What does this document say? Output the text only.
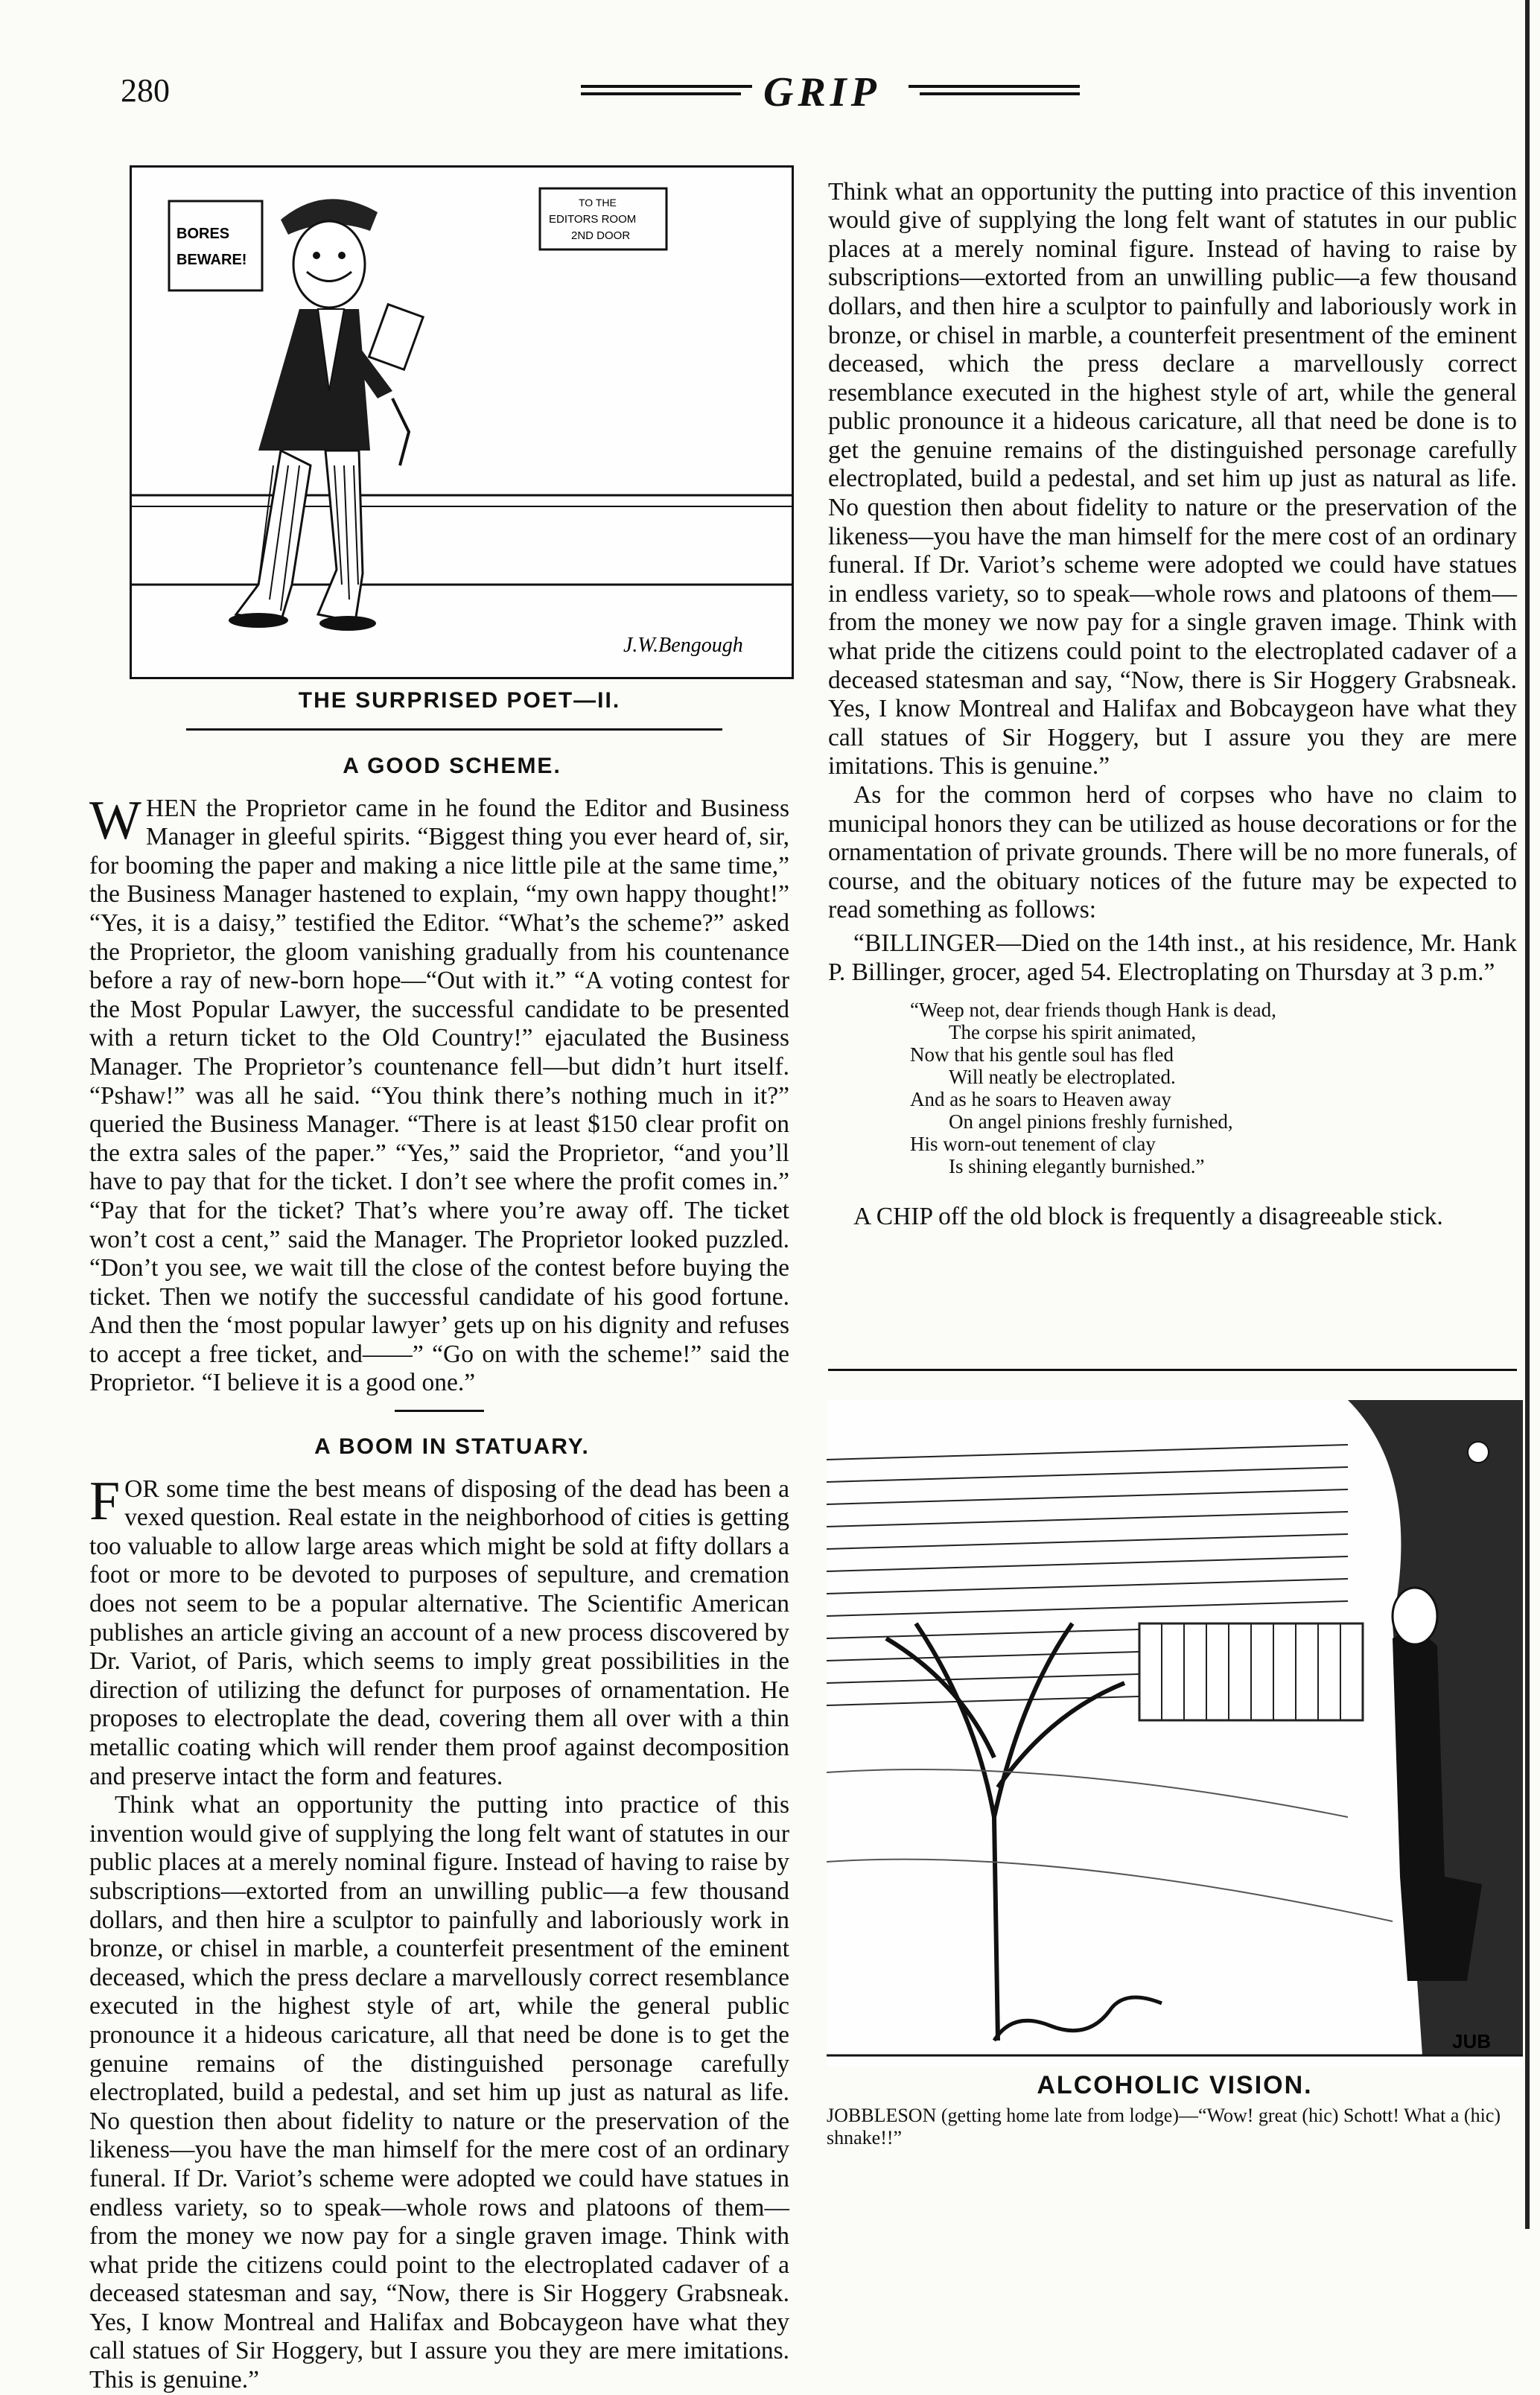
280	GRIP
BORES
BEWARE!
TO THE
EDITORS ROOM
2ND DOOR
J.W.Bengough

THE SURPRISED POET—II.

A GOOD SCHEME.

WHEN the Proprietor came in he found the Editor and Business Manager in gleeful spirits. “Biggest thing you ever heard of, sir, for booming the paper and making a nice little pile at the same time,” the Business Manager hastened to explain, “my own happy thought!” “Yes, it is a daisy,” testified the Editor. “What’s the scheme?” asked the Proprietor, the gloom vanishing gradually from his countenance before a ray of new-born hope—“Out with it.” “A voting contest for the Most Popular Lawyer, the successful candidate to be presented with a return ticket to the Old Country!” ejaculated the Business Manager. The Proprietor’s countenance fell—but didn’t hurt itself. “Pshaw!” was all he said. “You think there’s nothing much in it?” queried the Business Manager. “There is at least $150 clear profit on the extra sales of the paper.” “Yes,” said the Proprietor, “and you’ll have to pay that for the ticket. I don’t see where the profit comes in.” “Pay that for the ticket? That’s where you’re away off. The ticket won’t cost a cent,” said the Manager. The Proprietor looked puzzled. “Don’t you see, we wait till the close of the contest before buying the ticket. Then we notify the successful candidate of his good fortune. And then the ‘most popular lawyer’ gets up on his dignity and refuses to accept a free ticket, and——” “Go on with the scheme!” said the Proprietor. “I believe it is a good one.”

A BOOM IN STATUARY.

FOR some time the best means of disposing of the dead has been a vexed question. Real estate in the neighborhood of cities is getting too valuable to allow large areas which might be sold at fifty dollars a foot or more to be devoted to purposes of sepulture, and cremation does not seem to be a popular alternative. The Scientific American publishes an article giving an account of a new process discovered by Dr. Variot, of Paris, which seems to imply great possibilities in the direction of utilizing the defunct for purposes of ornamentation. He proposes to electroplate the dead, covering them all over with a thin metallic coating which will render them proof against decomposition and preserve intact the form and features.

Think what an opportunity the putting into practice of this invention would give of supplying the long felt want of statutes in our public places at a merely nominal figure. Instead of having to raise by subscriptions—extorted from an unwilling public—a few thousand dollars, and then hire a sculptor to painfully and laboriously work in bronze, or chisel in marble, a counterfeit presentment of the eminent deceased, which the press declare a marvellously correct resemblance executed in the highest style of art, while the general public pronounce it a hideous caricature, all that need be done is to get the genuine remains of the distinguished personage carefully electroplated, build a pedestal, and set him up just as natural as life. No question then about fidelity to nature or the preservation of the likeness—you have the man himself for the mere cost of an ordinary funeral. If Dr. Variot’s scheme were adopted we could have statues in endless variety, so to speak—whole rows and platoons of them—from the money we now pay for a single graven image. Think with what pride the citizens could point to the electroplated cadaver of a deceased statesman and say, “Now, there is Sir Hoggery Grabsneak. Yes, I know Montreal and Halifax and Bobcaygeon have what they call statues of Sir Hoggery, but I assure you they are mere imitations. This is genuine.”

Think what an opportunity the putting into practice of this invention would give of supplying the long felt want of statutes in our public places at a merely nominal figure. Instead of having to raise by subscriptions—extorted from an unwilling public—a few thousand dollars, and then hire a sculptor to painfully and laboriously work in bronze, or chisel in marble, a counterfeit presentment of the eminent deceased, which the press declare a marvellously correct resemblance executed in the highest style of art, while the general public pronounce it a hideous caricature, all that need be done is to get the genuine remains of the distinguished personage carefully electroplated, build a pedestal, and set him up just as natural as life. No question then about fidelity to nature or the preservation of the likeness—you have the man himself for the mere cost of an ordinary funeral. If Dr. Variot’s scheme were adopted we could have statues in endless variety, so to speak—whole rows and platoons of them—from the money we now pay for a single graven image. Think with what pride the citizens could point to the electroplated cadaver of a deceased statesman and say, “Now, there is Sir Hoggery Grabsneak. Yes, I know Montreal and Halifax and Bobcaygeon have what they call statues of Sir Hoggery, but I assure you they are mere imitations. This is genuine.”

As for the common herd of corpses who have no claim to municipal honors they can be utilized as house decorations or for the ornamentation of private grounds. There will be no more funerals, of course, and the obituary notices of the future may be expected to read something as follows:

“BILLINGER—Died on the 14th inst., at his residence, Mr. Hank P. Billinger, grocer, aged 54. Electroplating on Thursday at 3 p.m.”

“Weep not, dear friends though Hank is dead,
The corpse his spirit animated,
Now that his gentle soul has fled
Will neatly be electroplated.
And as he soars to Heaven away
On angel pinions freshly furnished,
His worn-out tenement of clay
Is shining elegantly burnished.”

A CHIP off the old block is frequently a disagreeable stick.

JUB

ALCOHOLIC VISION.

JOBBLESON (getting home late from lodge)—“Wow! great (hic) Schott! What a (hic) shnake!!”
